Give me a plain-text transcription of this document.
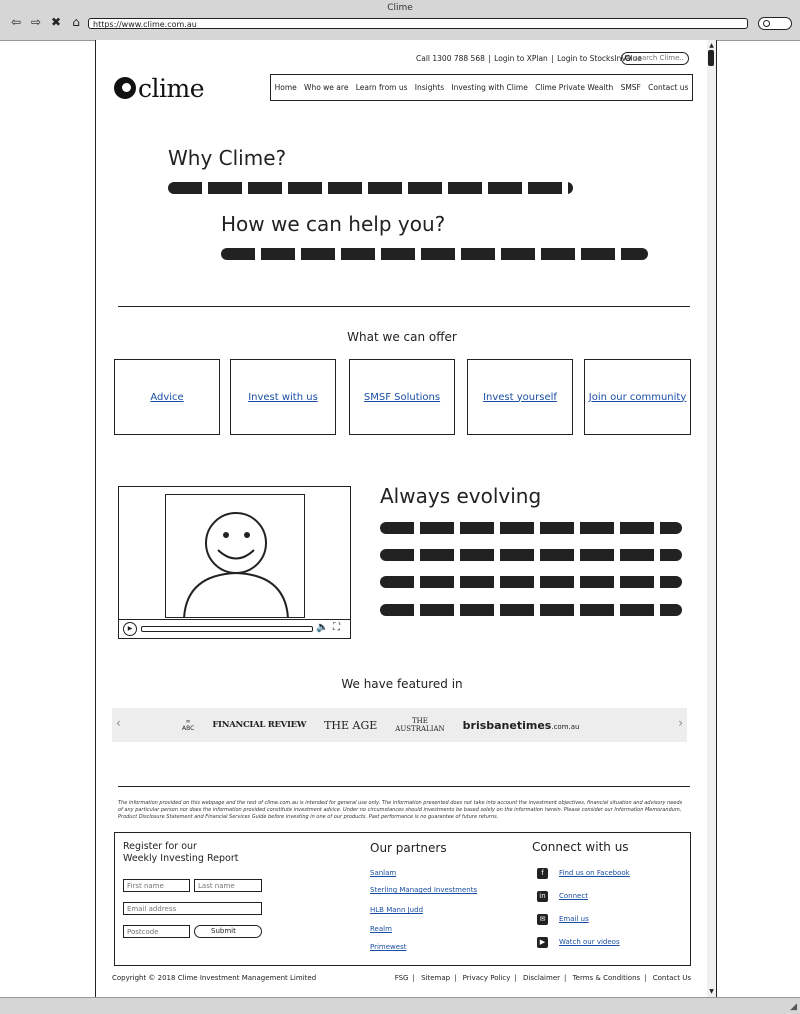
Clime
⇦ ⇨ ✖ ⌂	https://www.clime.com.au
Call 1300 788 568 | Login to XPlan | Login to StocksInValue
search Clime..
clime	Home Who we are Learn from us Insights Investing with Clime Clime Private Wealth SMSF Contact us
Why Clime?
How we can help you?
What we can offer
Advice	Invest with us	SMSF Solutions	Invest yourself	Join our community
▶	🔈 ⛶
Always evolving
We have featured in
‹	∞
ABC FINANCIAL REVIEW THE AGE	THE
AUSTRALIAN brisbanetimes.com.au	›
The information provided on this webpage and the rest of clime.com.au is intended for general use only. The information presented does not take into account the investment objectives, financial situation and advisory needs of any particular person nor does the information provided constitute investment advice. Under no circumstances should investments be based solely on the information herein. Please consider our Information Memorandum, Product Disclosure Statement and Financial Services Guide before investing in one of our products. Past performance is no guarantee of future returns.
Register for our
Weekly Investing Report
First name
Last name
Email address
Postcode
Submit
Our partners
Sanlam
Sterling Managed Investments
HLB Mann Judd
Realm
Primewest
Connect with us
f	Find us on Facebook
in	Connect
✉	Email us
▶	Watch our videos
Copyright © 2018 Clime Investment Management Limited	FSG | Sitemap | Privacy Policy | Disclaimer | Terms & Conditions | Contact Us
▲
▼
◢
